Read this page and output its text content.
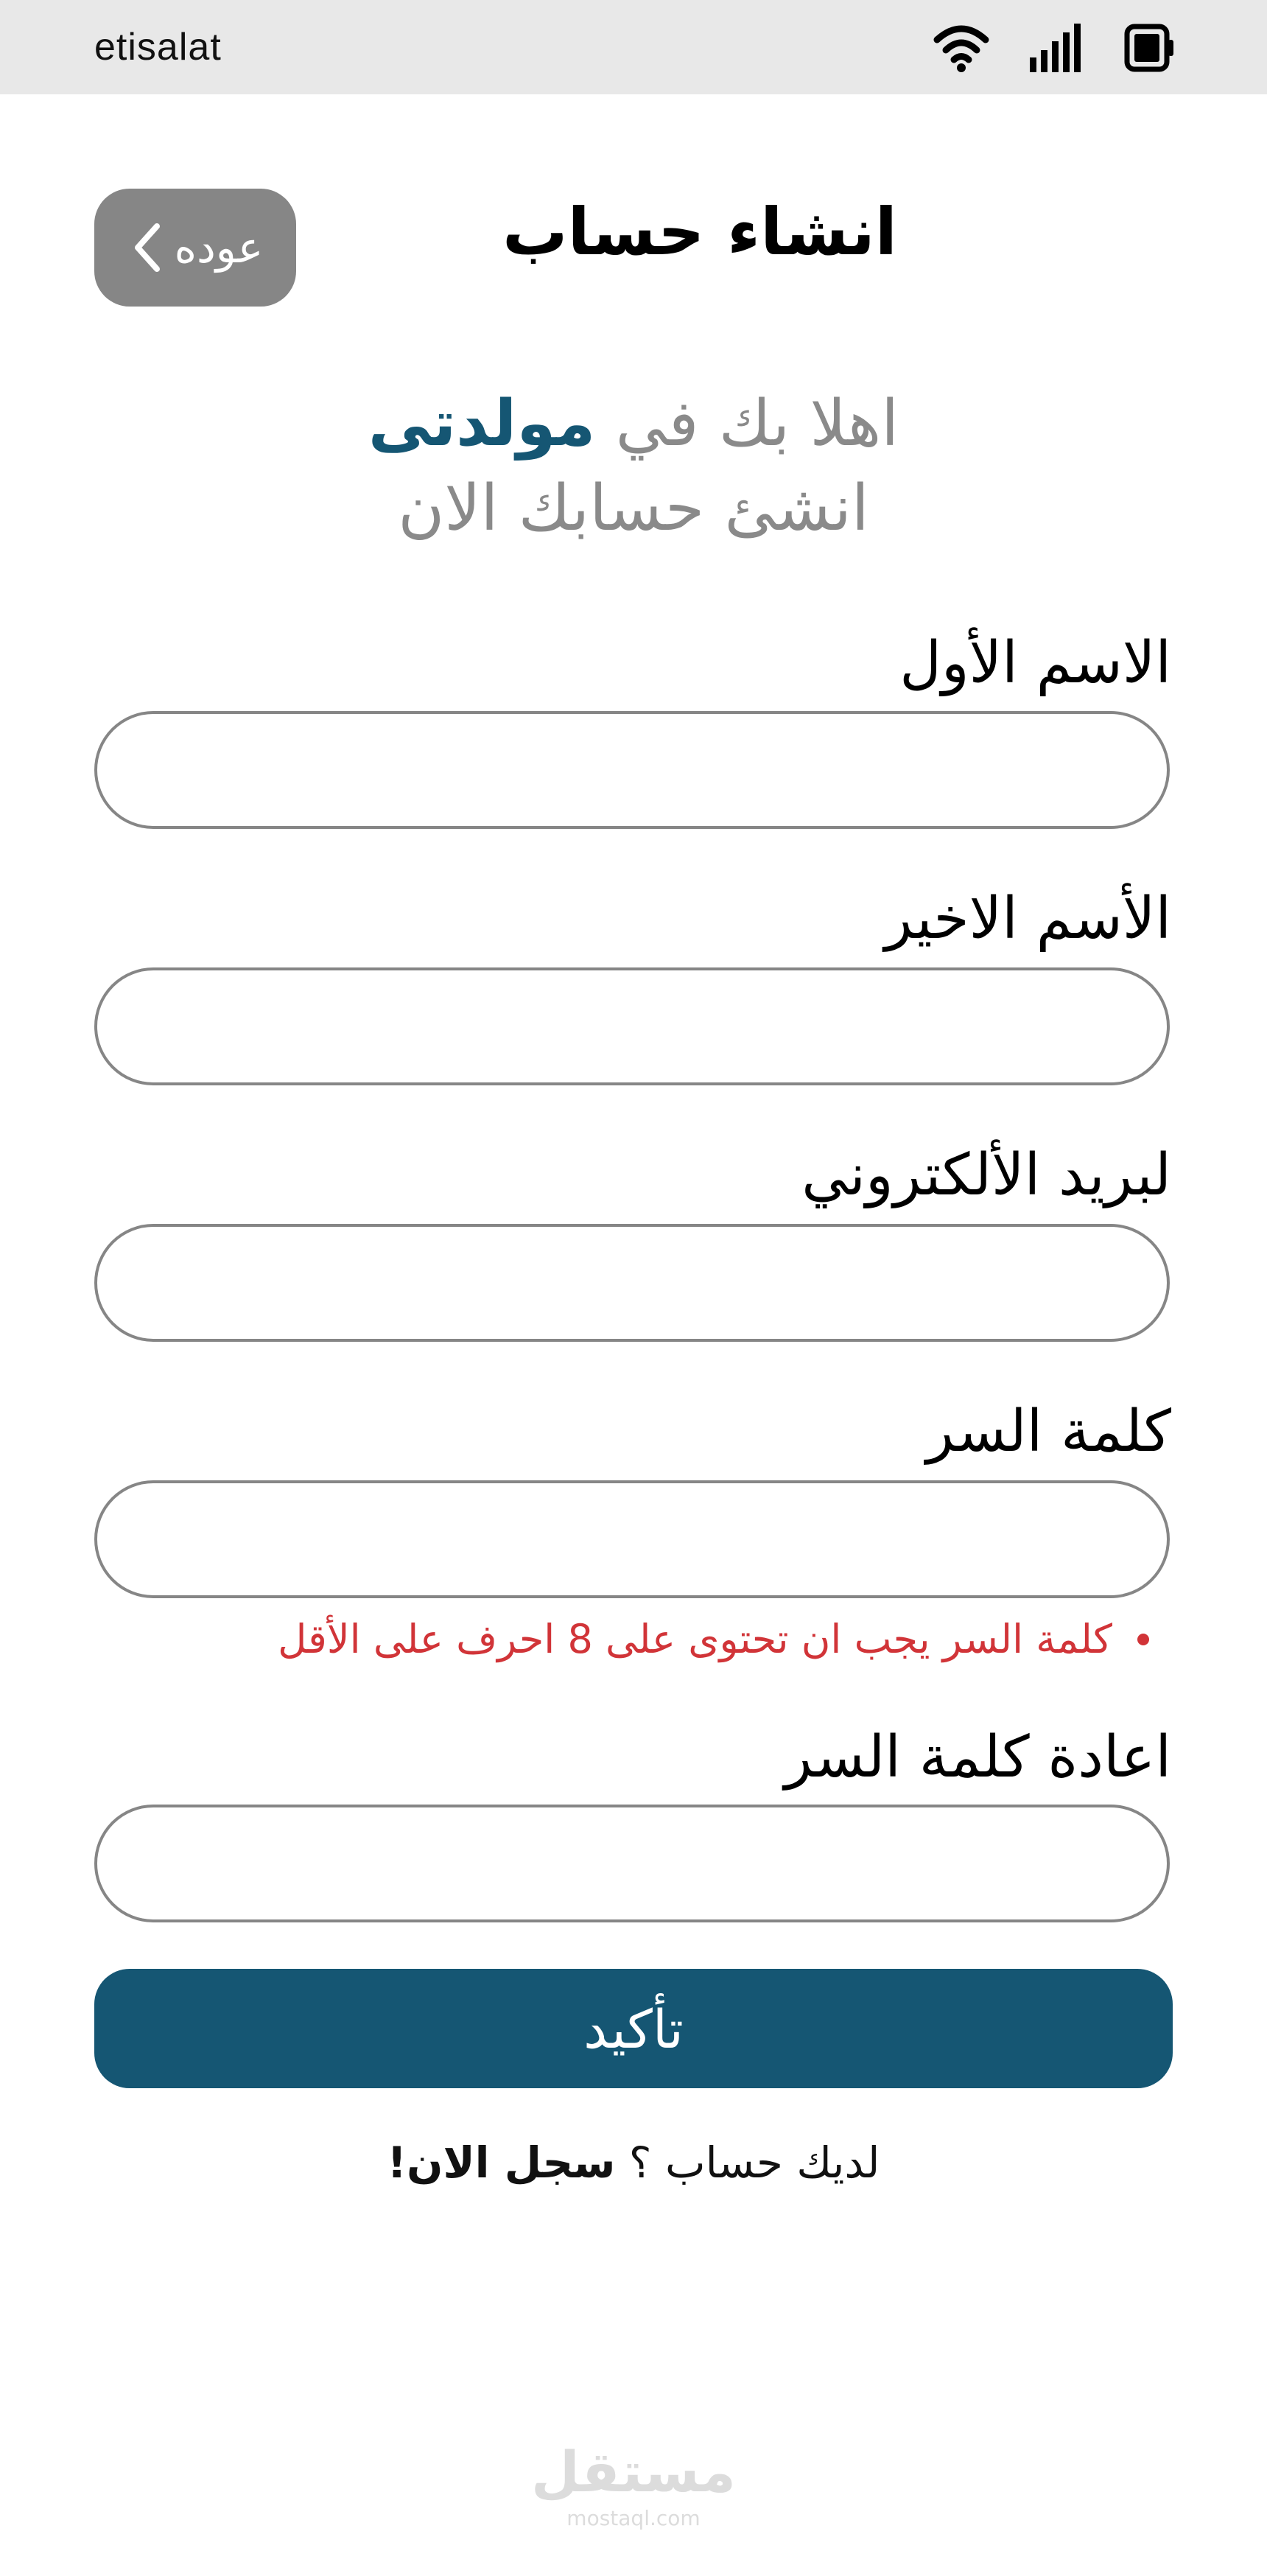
etisalat
عوده	انشاء حساب
اهلا بك في مولدتى
انشئ حسابك الان
الاسم الأول
الأسم الاخير
لبريد الألكتروني
كلمة السر
كلمة السر يجب ان تحتوى على 8 احرف على الأقل
اعادة كلمة السر
تأكيد
لديك حساب ؟ سجل الان!
مستقل
mostaql.com
